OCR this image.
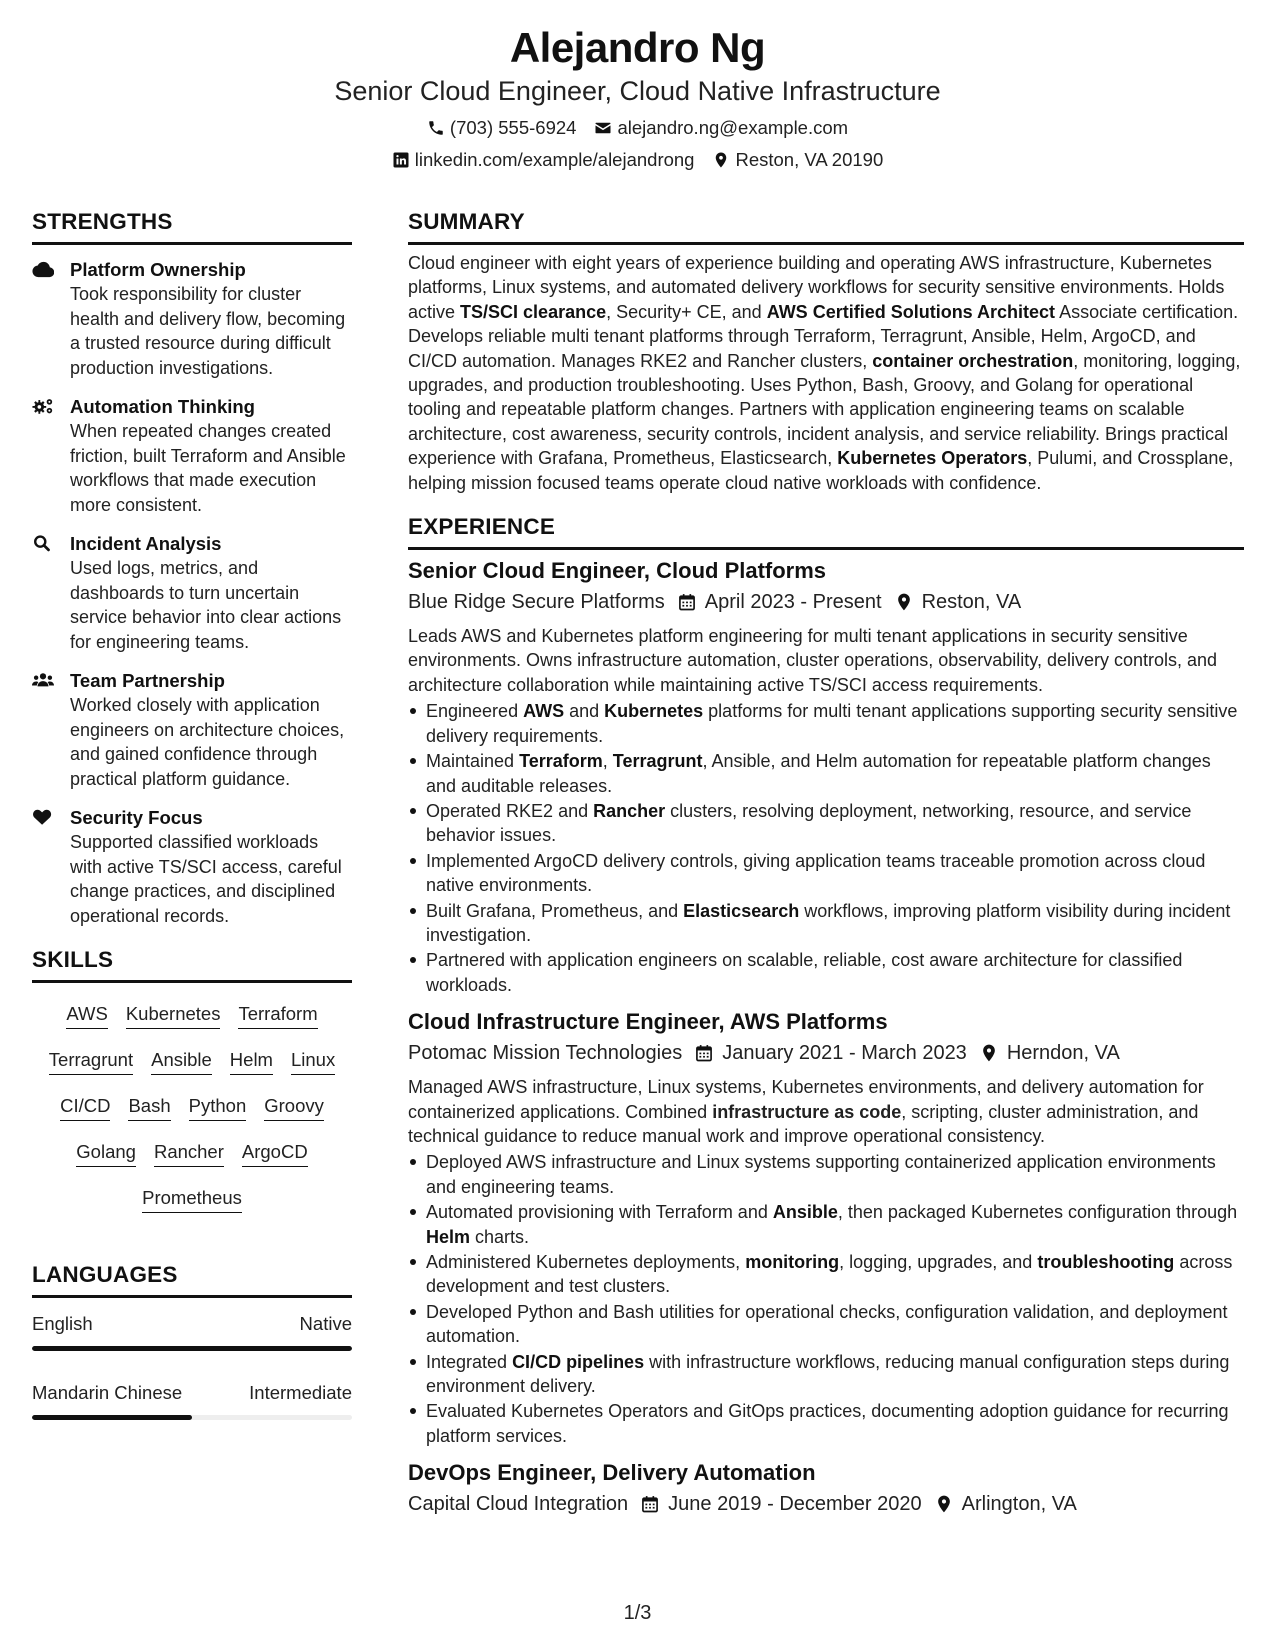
Alejandro Ng
Senior Cloud Engineer, Cloud Native Infrastructure
(703) 555-6924 alejandro.ng@example.com
linkedin.com/example/alejandrong Reston, VA 20190
STRENGTHS
Platform Ownership
Took responsibility for cluster health and delivery flow, becoming a trusted resource during difficult production investigations.
Automation Thinking
When repeated changes created friction, built Terraform and Ansible workflows that made execution more consistent.
Incident Analysis
Used logs, metrics, and dashboards to turn uncertain service behavior into clear actions for engineering teams.
Team Partnership
Worked closely with application engineers on architecture choices, and gained confidence through practical platform guidance.
Security Focus
Supported classified workloads with active TS/SCI access, careful change practices, and disciplined operational records.
SKILLS
AWS Kubernetes Terraform
Terragrunt Ansible Helm Linux
CI/CD Bash Python Groovy
Golang Rancher ArgoCD
Prometheus
LANGUAGES
English	Native
Mandarin Chinese	Intermediate
SUMMARY
Cloud engineer with eight years of experience building and operating AWS infrastructure, Kubernetes platforms, Linux systems, and automated delivery workflows for security sensitive environments. Holds active TS/SCI clearance, Security+ CE, and AWS Certified Solutions Architect Associate certification. Develops reliable multi tenant platforms through Terraform, Terragrunt, Ansible, Helm, ArgoCD, and CI/CD automation. Manages RKE2 and Rancher clusters, container orchestration, monitoring, logging, upgrades, and production troubleshooting. Uses Python, Bash, Groovy, and Golang for operational tooling and repeatable platform changes. Partners with application engineering teams on scalable architecture, cost awareness, security controls, incident analysis, and service reliability. Brings practical experience with Grafana, Prometheus, Elasticsearch, Kubernetes Operators, Pulumi, and Crossplane, helping mission focused teams operate cloud native workloads with confidence.
EXPERIENCE
Senior Cloud Engineer, Cloud Platforms
Blue Ridge Secure Platforms April 2023 - Present Reston, VA
Leads AWS and Kubernetes platform engineering for multi tenant applications in security sensitive environments. Owns infrastructure automation, cluster operations, observability, delivery controls, and architecture collaboration while maintaining active TS/SCI access requirements.
Engineered AWS and Kubernetes platforms for multi tenant applications supporting security sensitive delivery requirements.
Maintained Terraform, Terragrunt, Ansible, and Helm automation for repeatable platform changes and auditable releases.
Operated RKE2 and Rancher clusters, resolving deployment, networking, resource, and service behavior issues.
Implemented ArgoCD delivery controls, giving application teams traceable promotion across cloud native environments.
Built Grafana, Prometheus, and Elasticsearch workflows, improving platform visibility during incident investigation.
Partnered with application engineers on scalable, reliable, cost aware architecture for classified workloads.
Cloud Infrastructure Engineer, AWS Platforms
Potomac Mission Technologies January 2021 - March 2023 Herndon, VA
Managed AWS infrastructure, Linux systems, Kubernetes environments, and delivery automation for containerized applications. Combined infrastructure as code, scripting, cluster administration, and technical guidance to reduce manual work and improve operational consistency.
Deployed AWS infrastructure and Linux systems supporting containerized application environments and engineering teams.
Automated provisioning with Terraform and Ansible, then packaged Kubernetes configuration through Helm charts.
Administered Kubernetes deployments, monitoring, logging, upgrades, and troubleshooting across development and test clusters.
Developed Python and Bash utilities for operational checks, configuration validation, and deployment automation.
Integrated CI/CD pipelines with infrastructure workflows, reducing manual configuration steps during environment delivery.
Evaluated Kubernetes Operators and GitOps practices, documenting adoption guidance for recurring platform services.
DevOps Engineer, Delivery Automation
Capital Cloud Integration June 2019 - December 2020 Arlington, VA
1/3
